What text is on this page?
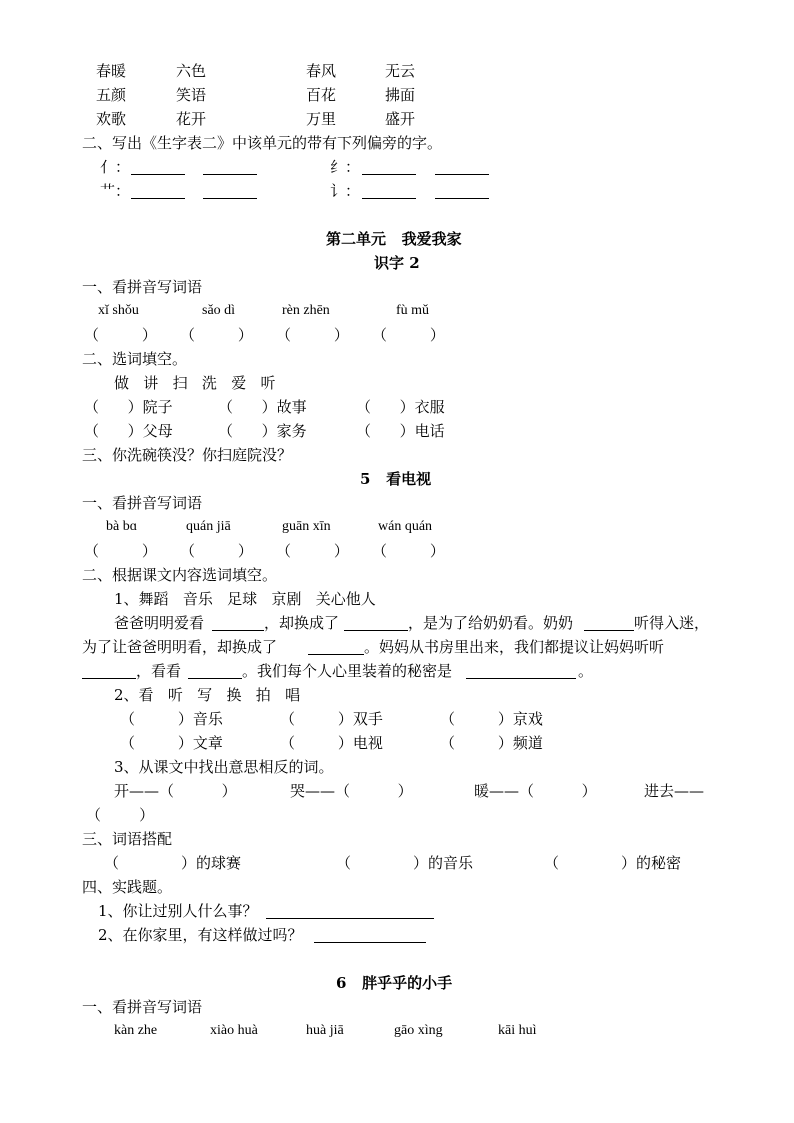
春暖	六色	春风	无云
五颜	笑语	百花	拂面
欢歌	花开	万里	盛开
二、写出《生字表二》中该单元的带有下列偏旁的字。
亻：	纟：
艹：	讠：
第二单元   我爱我家
识字 2
一、看拼音写词语
xǐ shǒu	sǎo dì	rèn zhēn	fù mǔ
（         ） （         ） （         ） （         ）
二、选词填空。
做   讲   扫   洗   爱   听
（      ）院子	（      ）故事	（      ）衣服
（      ）父母	（      ）家务	（      ）电话
三、你洗碗筷没？你扫庭院没？
5   看电视
一、看拼音写词语
bà bɑ	quán jiā	guān xīn	wán quán
（         ） （         ） （         ） （         ）
二、根据课文内容选词填空。
1、舞蹈   音乐   足球   京剧   关心他人
爸爸明明爱看	，却换成了	，是为了给奶奶看。奶奶	听得入迷，
为了让爸爸明明看，却换成了	。妈妈从书房里出来，我们都提议让妈妈听听
，看看	。我们每个人心里装着的秘密是	。
2、看   听   写   换   拍   唱
（         ）音乐	（         ）双手	（         ）京戏
（         ）文章	（         ）电视	（         ）频道
3、从课文中找出意思相反的词。
开——（          ）	哭——（          ）	暖——（          ）	进去——
（        ）
三、词语搭配
（             ）的球赛	（             ）的音乐	（             ）的秘密
四、实践题。
1、你让过别人什么事？
2、在你家里，有这样做过吗？
6   胖乎乎的小手
一、看拼音写词语
kàn zhe	xiào huà	huà jiā	gāo xìng	kāi huì
